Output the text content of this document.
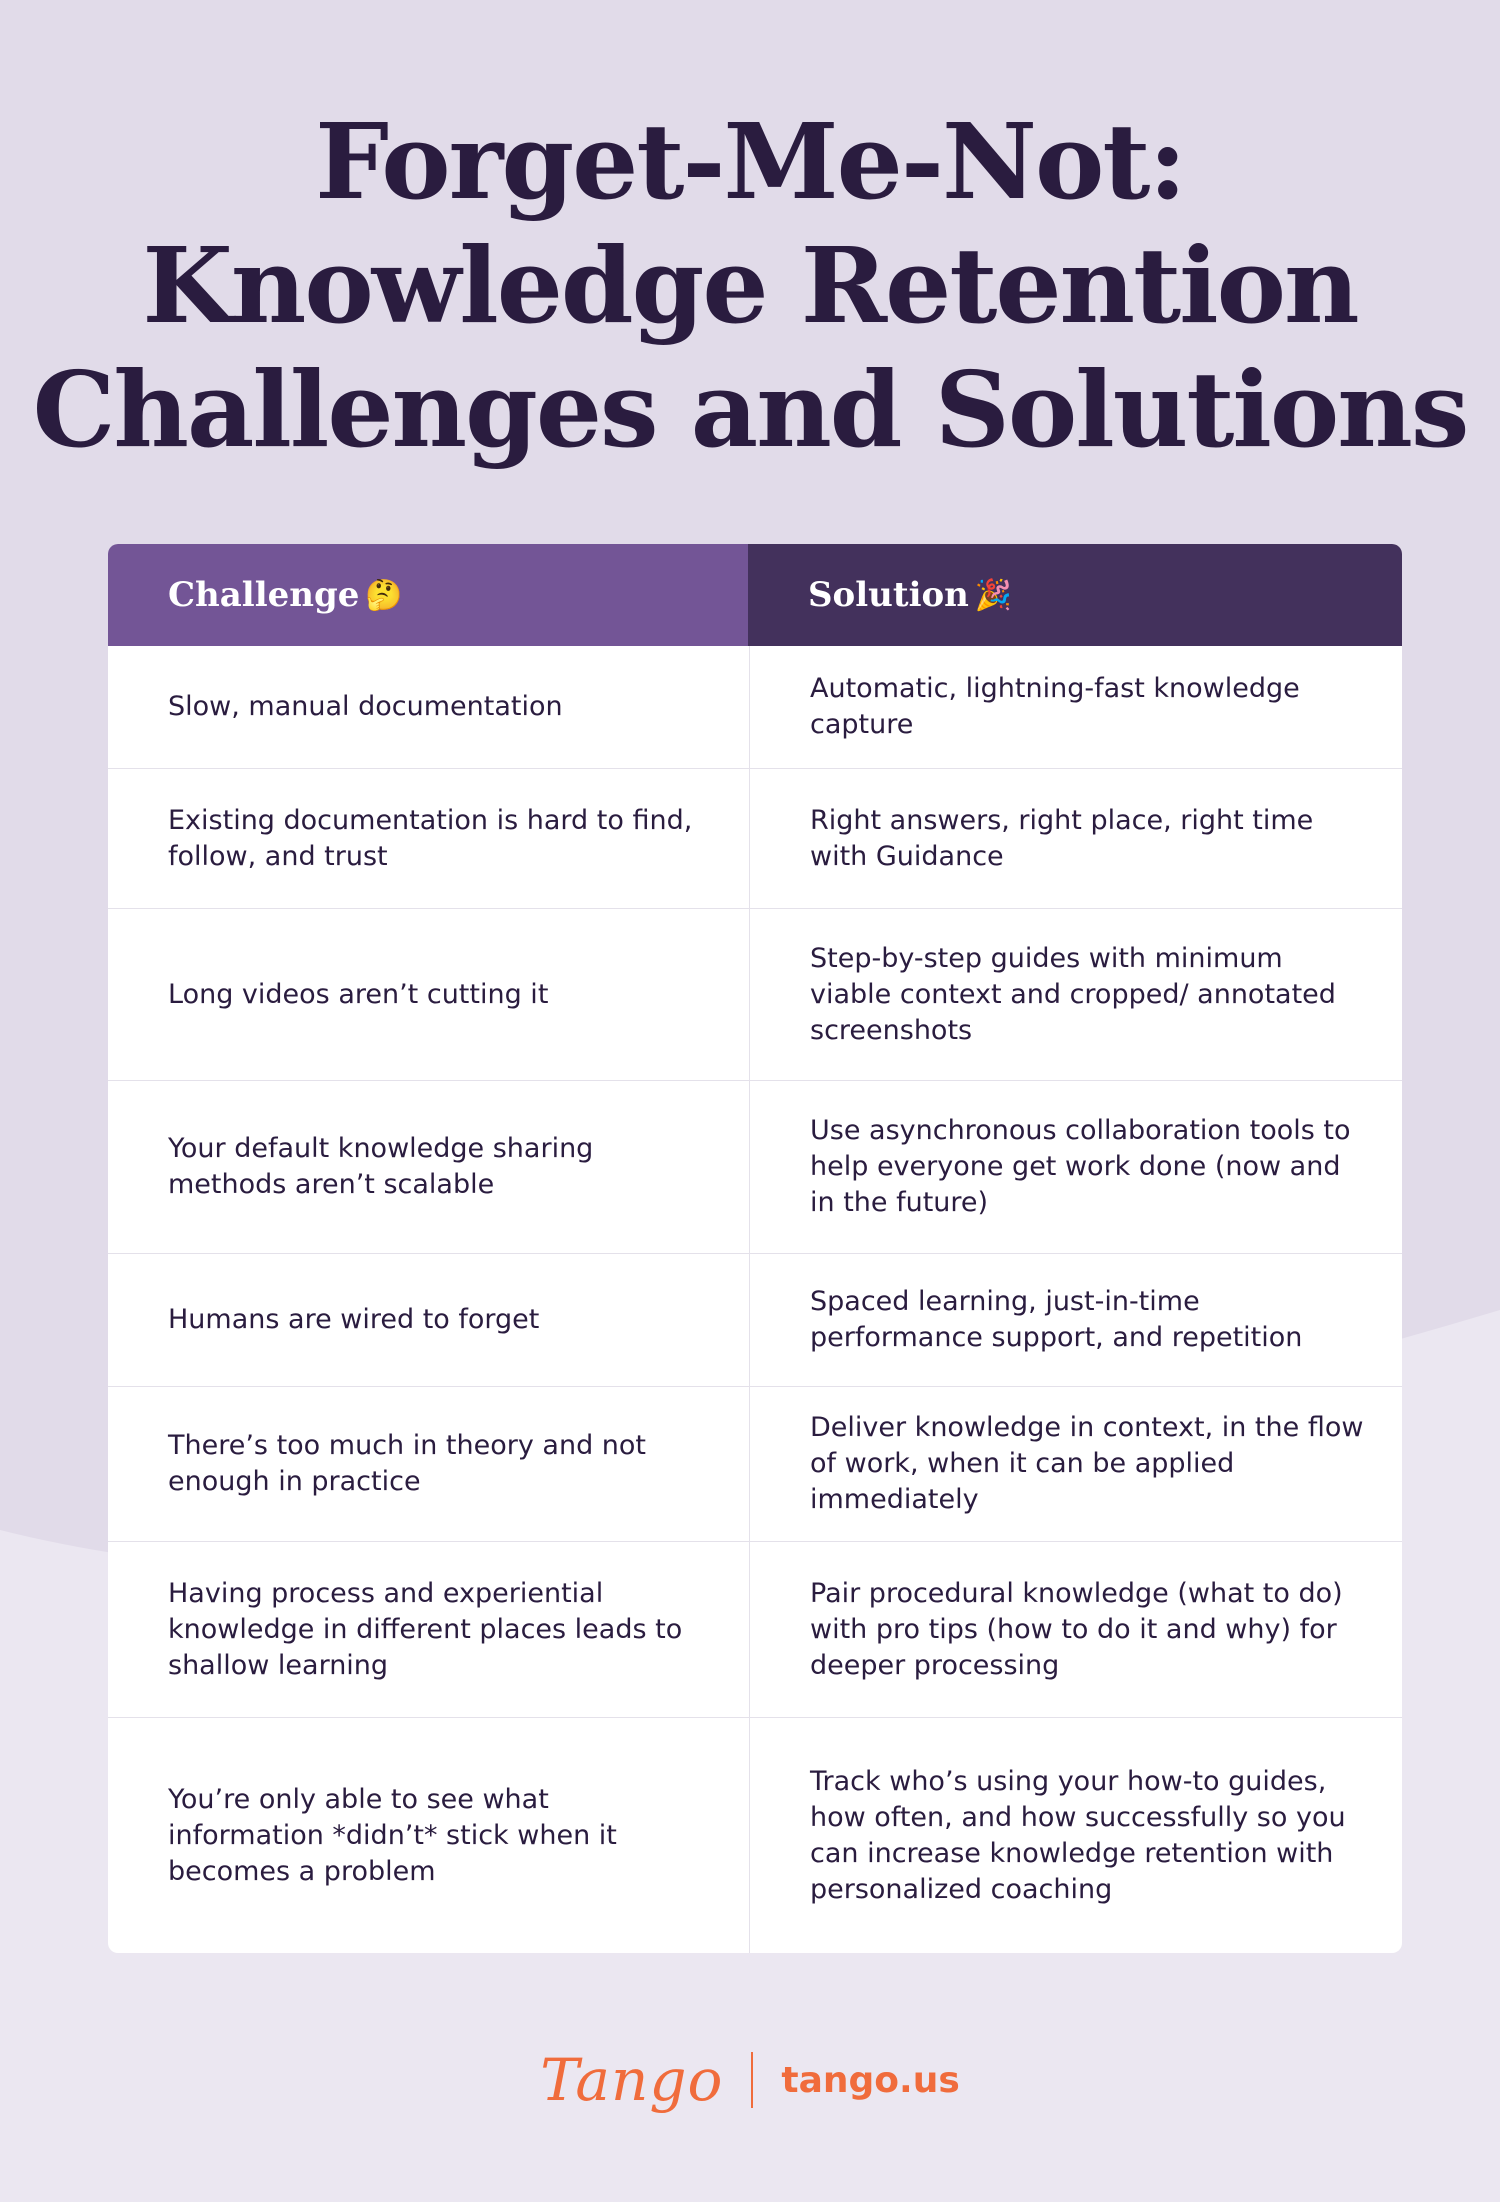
Forget-Me-Not:
Knowledge Retention
Challenges and Solutions
Challenge 🤔	Solution 🎉
Slow, manual documentation
Automatic, lightning-fast knowledge capture
Existing documentation is hard to find, follow, and trust
Right answers, right place, right time with Guidance
Long videos aren’t cutting it
Step-by-step guides with minimum viable context and cropped/ annotated screenshots
Your default knowledge sharing methods aren’t scalable
Use asynchronous collaboration tools to help everyone get work done (now and in the future)
Humans are wired to forget
Spaced learning, just-in-time performance support, and repetition
There’s too much in theory and not enough in practice
Deliver knowledge in context, in the flow of work, when it can be applied immediately
Having process and experiential knowledge in different places leads to shallow learning
Pair procedural knowledge (what to do) with pro tips (how to do it and why) for deeper processing
You’re only able to see what information *didn’t* stick when it becomes a problem
Track who’s using your how-to guides, how often, and how successfully so you can increase knowledge retention with personalized coaching
Tango tango.us
